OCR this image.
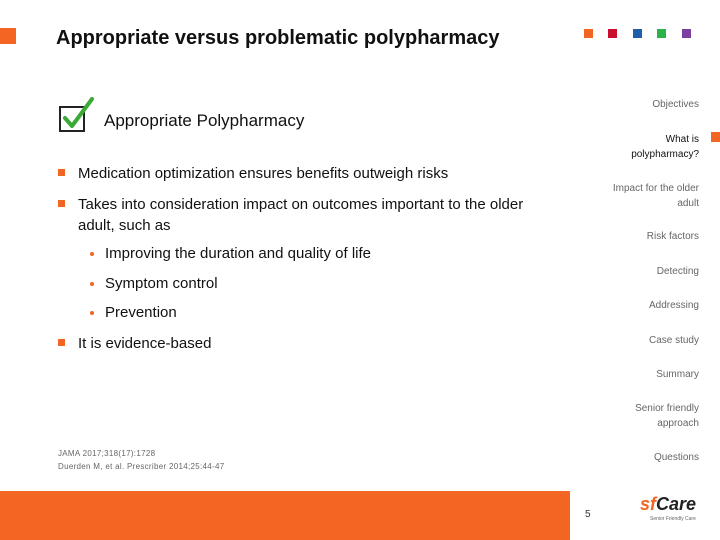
Appropriate versus problematic polypharmacy
Appropriate Polypharmacy
Medication optimization ensures benefits outweigh risks
Takes into consideration impact on outcomes important to the older adult, such as
Improving the duration and quality of life
Symptom control
Prevention
It is evidence-based
Objectives
What is polypharmacy?
Impact for the older adult
Risk factors
Detecting
Addressing
Case study
Summary
Senior friendly approach
Questions
JAMA 2017;318(17):1728
Duerden M, et al. Prescriber 2014;25:44-47
5
sfCare
Senior Friendly Care
